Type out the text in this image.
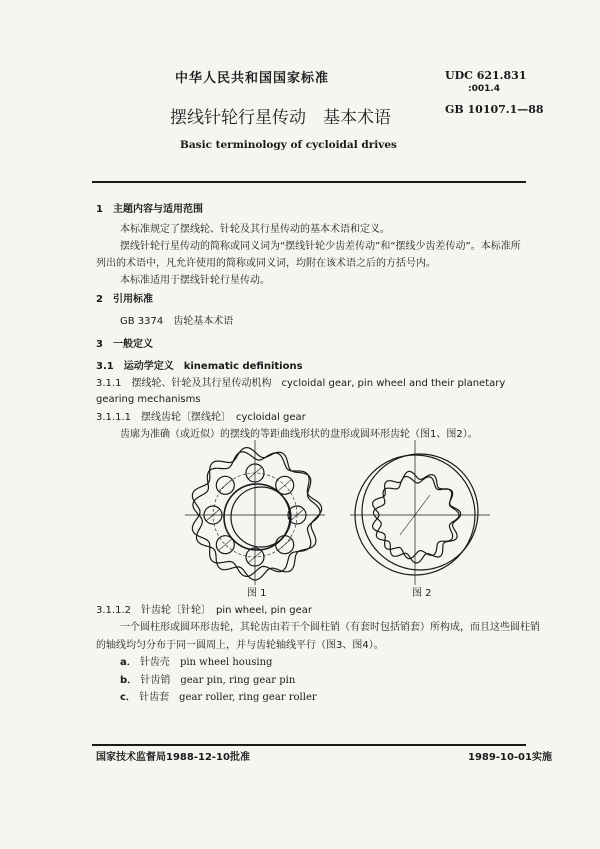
中华人民共和国国家标准	UDC 621.831
:001.4
GB 10107.1—88
摆线针轮行星传动　基本术语
Basic terminology of cycloidal drives
1　主题内容与适用范围
本标准规定了摆线轮、针轮及其行星传动的基本术语和定义。
摆线针轮行星传动的简称或同义词为“摆线针轮少齿差传动”和“摆线少齿差传动”。本标准所
列出的术语中，凡允许使用的简称或同义词，均附在该术语之后的方括号内。
本标准适用于摆线针轮行星传动。
2　引用标准
GB 3374　齿轮基本术语
3　一般定义
3.1　运动学定义　kinematic definitions
3.1.1　摆线轮、针轮及其行星传动机构　cycloidal gear, pin wheel and their planetary
gearing mechanisms
3.1.1.1　摆线齿轮〔摆线轮〕　cycloidal gear
齿廓为准确（或近似）的摆线的等距曲线形状的盘形或圆环形齿轮（图1、图2）。
图 1	图 2
3.1.1.2　针齿轮〔针轮〕　pin wheel, pin gear
一个圆柱形或圆环形齿轮，其轮齿由若干个圆柱销（有套时包括销套）所构成，而且这些圆柱销
的轴线均匀分布于同一圆周上，并与齿轮轴线平行（图3、图4）。
a． 针齿壳　 pin wheel housing
b． 针齿销　 gear pin, ring gear pin
c． 针齿套　 gear roller, ring gear roller
国家技术监督局1988-12-10批准	1989-10-01实施
